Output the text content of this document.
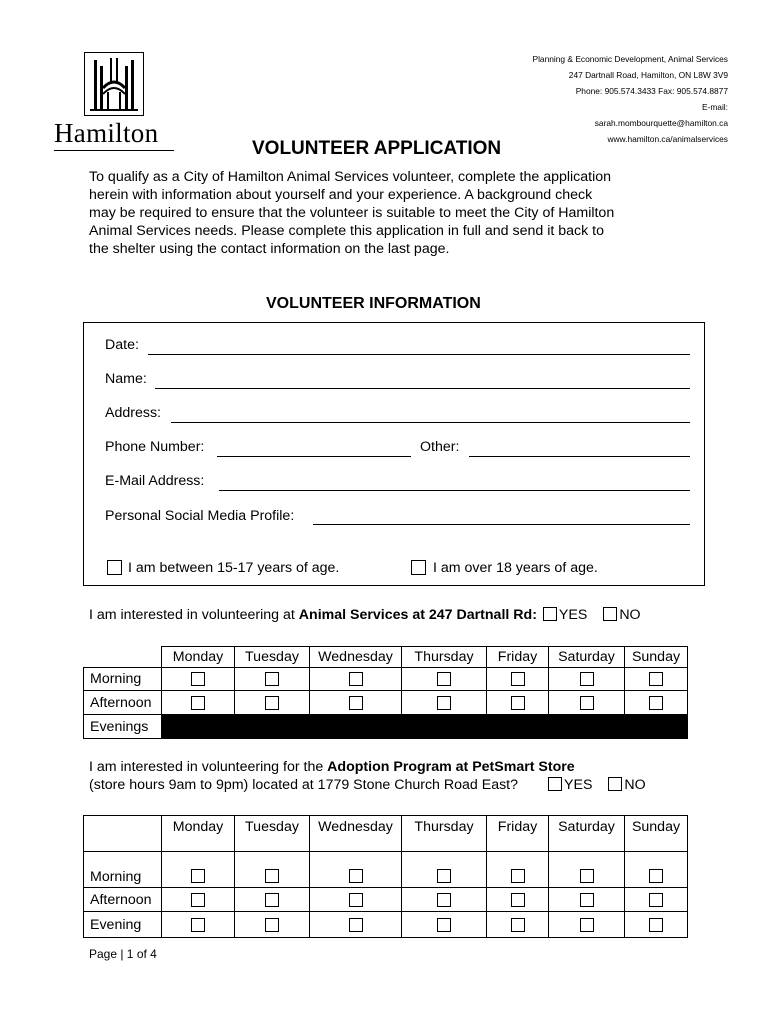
Hamilton
Planning & Economic Development, Animal Services
247 Dartnall Road, Hamilton, ON L8W 3V9
Phone: 905.574.3433 Fax: 905.574.8877
E-mail:
sarah.mombourquette@hamilton.ca
www.hamilton.ca/animalservices
VOLUNTEER APPLICATION
To qualify as a City of Hamilton Animal Services volunteer, complete the application
herein with information about yourself and your experience. A background check
may be required to ensure that the volunteer is suitable to meet the City of Hamilton
Animal Services needs. Please complete this application in full and send it back to
the shelter using the contact information on the last page.
VOLUNTEER INFORMATION
Date:
Name:
Address:
Phone Number:	Other:
E-Mail Address:
Personal Social Media Profile:
I am between 15-17 years of age.	I am over 18 years of age.
I am interested in volunteering at Animal Services at 247 Dartnall Rd: YES NO
	Monday	Tuesday	Wednesday	Thursday	Friday	Saturday	Sunday
Morning							
Afternoon							
Evenings							
I am interested in volunteering for the Adoption Program at PetSmart Store
(store hours 9am to 9pm) located at 1779 Stone Church Road East?	YES NO
	Monday	Tuesday	Wednesday	Thursday	Friday	Saturday	Sunday
Morning							
Afternoon							
Evening							
Page | 1 of 4
